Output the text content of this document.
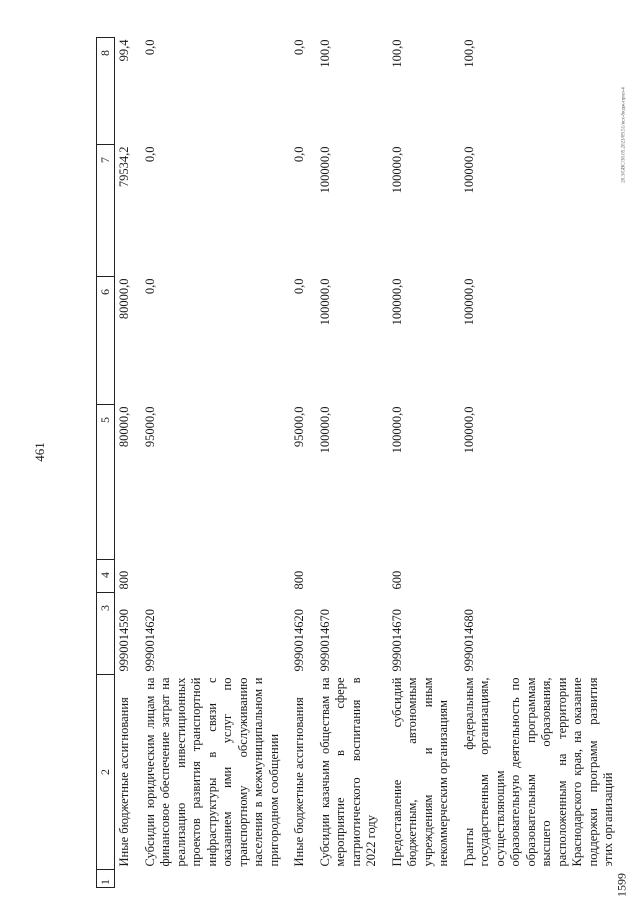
461
1599
20.3/GBC/30.05.2023/09.51/исх-бюдж-прил-4
1	2	3	4	5	6	7	8
	Иные бюджетные ассигнования	9990014590	800	80000,0	80000,0	79534,2	99,4
	Субсидии юридическим лицам на финансовое обеспечение затрат на реализацию инвестиционных проектов развития транспортной инфраструктуры в связи с оказанием ими услуг по транспортному обслуживанию населения в межмуниципальном и пригородном сообщении	9990014620		95000,0	0,0	0,0	0,0
	Иные бюджетные ассигнования	9990014620	800	95000,0	0,0	0,0	0,0
	Субсидии казачьим обществам на мероприятие в сфере патриотического воспитания в 2022 году	9990014670		100000,0	100000,0	100000,0	100,0
	Предоставление субсидий бюджетным, автономным учреждениям и иным некоммерческим организациям	9990014670	600	100000,0	100000,0	100000,0	100,0
	Гранты федеральным государственным организациям, осуществляющим образовательную деятельность по образовательным программам высшего образования, расположенным на территории Краснодарского края, на оказание поддержки программ развития этих организаций	9990014680		100000,0	100000,0	100000,0	100,0
